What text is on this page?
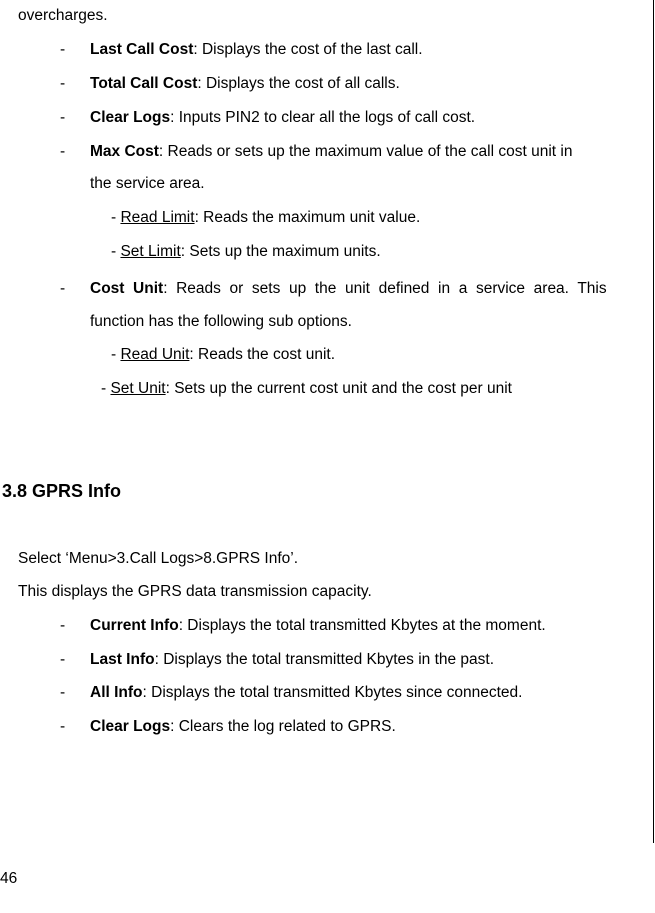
overcharges.
- Last Call Cost: Displays the cost of the last call.
- Total Call Cost: Displays the cost of all calls.
- Clear Logs: Inputs PIN2 to clear all the logs of call cost.
- Max Cost: Reads or sets up the maximum value of the call cost unit in
the service area.
- Read Limit: Reads the maximum unit value.
- Set Limit: Sets up the maximum units.
- Cost  Unit:  Reads  or  sets  up  the  unit  defined  in  a  service  area.  This
function has the following sub options.
- Read Unit: Reads the cost unit.
- Set Unit: Sets up the current cost unit and the cost per unit
3.8 GPRS Info
Select ‘Menu>3.Call Logs>8.GPRS Info’.
This displays the GPRS data transmission capacity.
- Current Info: Displays the total transmitted Kbytes at the moment.
- Last Info: Displays the total transmitted Kbytes in the past.
- All Info: Displays the total transmitted Kbytes since connected.
- Clear Logs: Clears the log related to GPRS.
46
